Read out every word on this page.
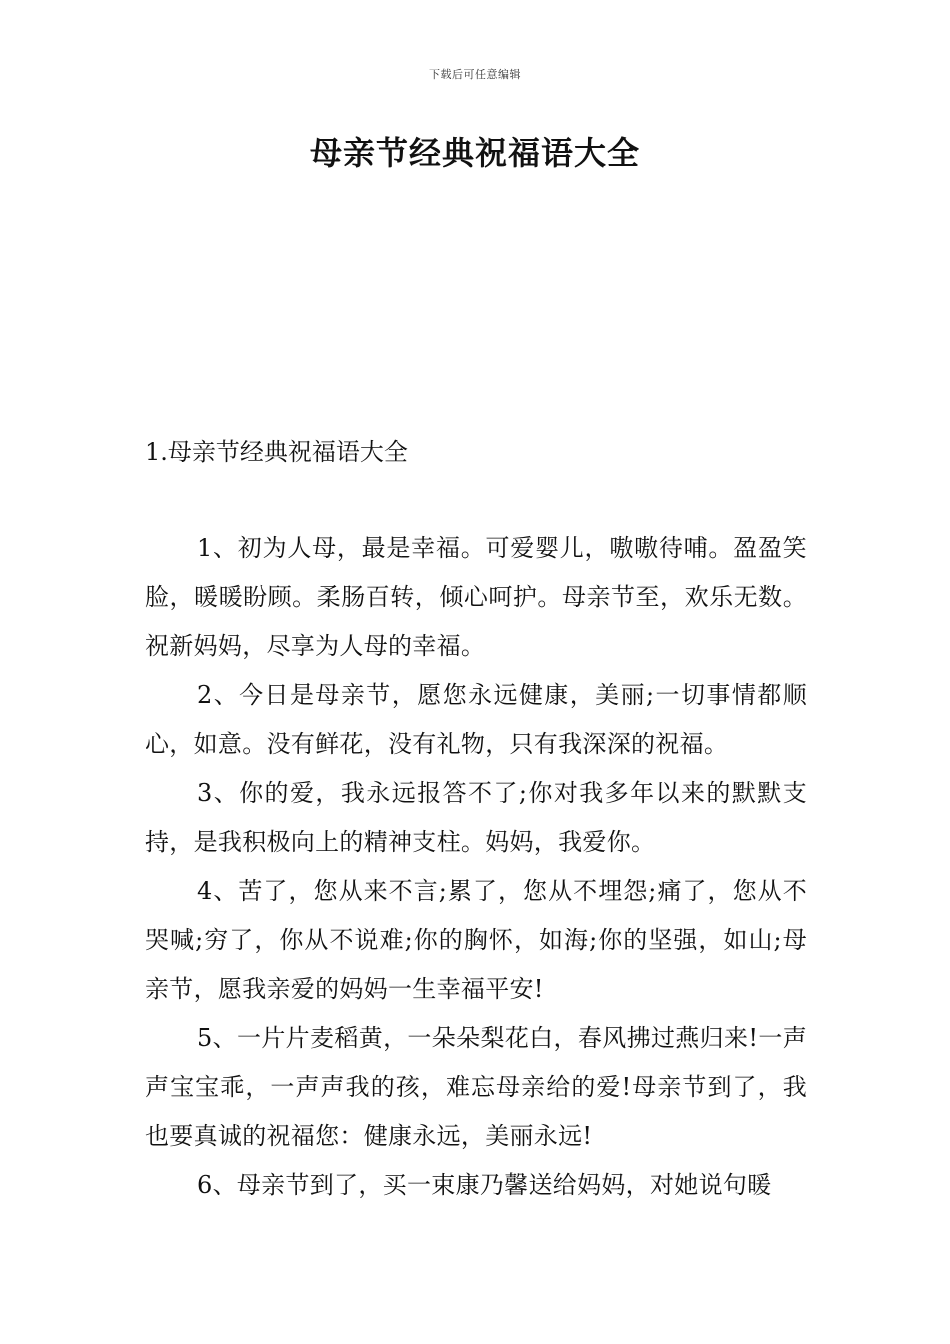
下载后可任意编辑
母亲节经典祝福语大全
1.母亲节经典祝福语大全

1、初为人母，最是幸福。可爱婴儿，嗷嗷待哺。盈盈笑脸，暖暖盼顾。柔肠百转，倾心呵护。母亲节至，欢乐无数。祝新妈妈，尽享为人母的幸福。

2、今日是母亲节，愿您永远健康，美丽;一切事情都顺心，如意。没有鲜花，没有礼物，只有我深深的祝福。

3、你的爱，我永远报答不了;你对我多年以来的默默支持，是我积极向上的精神支柱。妈妈，我爱你。

4、苦了，您从来不言;累了，您从不埋怨;痛了，您从不哭喊;穷了，你从不说难;你的胸怀，如海;你的坚强，如山;母亲节，愿我亲爱的妈妈一生幸福平安!

5、一片片麦稻黄，一朵朵梨花白，春风拂过燕归来!一声声宝宝乖，一声声我的孩，难忘母亲给的爱!母亲节到了，我也要真诚的祝福您：健康永远，美丽永远!

6、母亲节到了，买一束康乃馨送给妈妈，对她说句暖
